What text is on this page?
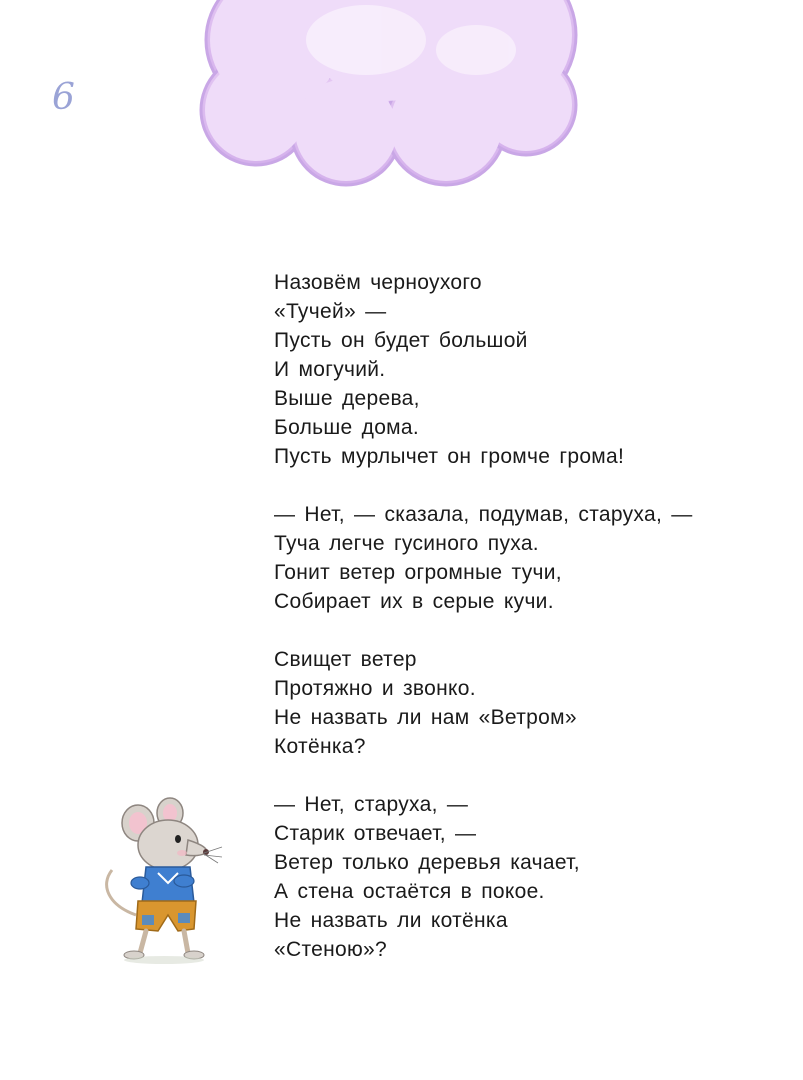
6
Назовём черноухого
«Тучей» —
Пусть он будет большой
И могучий.
Выше дерева,
Больше дома.
Пусть мурлычет он громче грома!
— Нет, — сказала, подумав, старуха, —
Туча легче гусиного пуха.
Гонит ветер огромные тучи,
Собирает их в серые кучи.
Свищет ветер
Протяжно и звонко.
Не назвать ли нам «Ветром»
Котёнка?
— Нет, старуха, —
Старик отвечает, —
Ветер только деревья качает,
А стена остаётся в покое.
Не назвать ли котёнка
«Стеною»?
